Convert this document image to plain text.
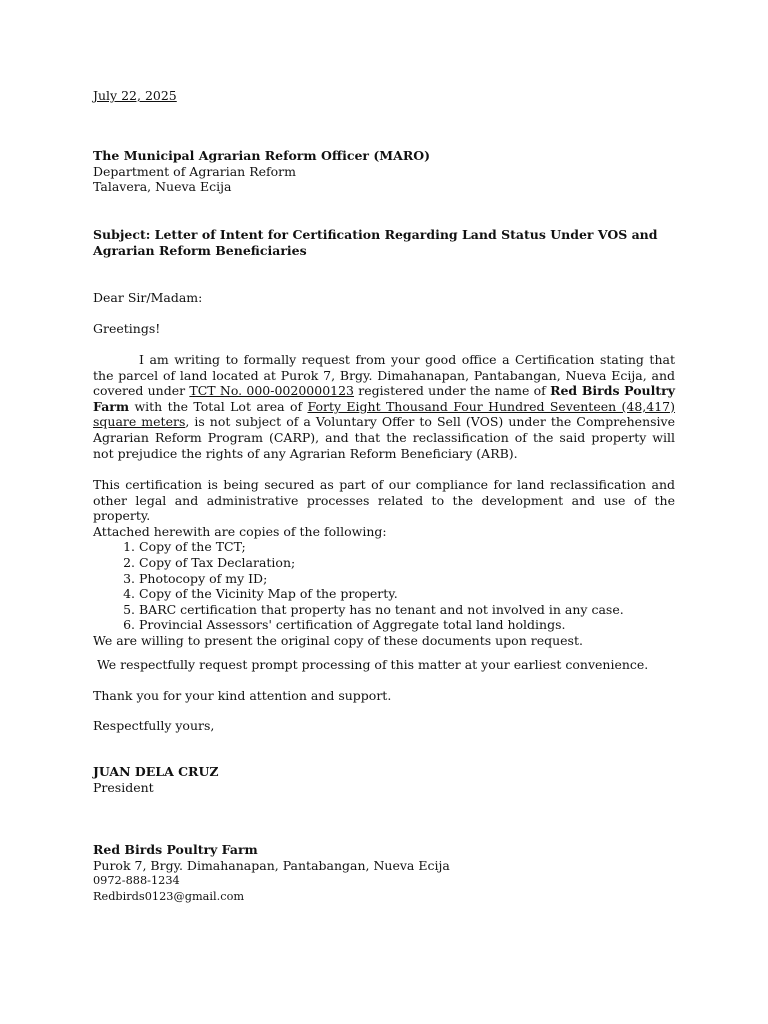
July 22, 2025
The Municipal Agrarian Reform Officer (MARO)
Department of Agrarian Reform
Talavera, Nueva Ecija
Subject: Letter of Intent for Certification Regarding Land Status Under VOS and Agrarian Reform Beneficiaries
Dear Sir/Madam:
Greetings!
I am writing to formally request from your good office a Certification stating that the parcel of land located at Purok 7, Brgy. Dimahanapan, Pantabangan, Nueva Ecija, and covered under TCT No. 000-0020000123 registered under the name of Red Birds Poultry Farm with the Total Lot area of Forty Eight Thousand Four Hundred Seventeen (48,417) square meters, is not subject of a Voluntary Offer to Sell (VOS) under the Comprehensive Agrarian Reform Program (CARP), and that the reclassification of the said property will not prejudice the rights of any Agrarian Reform Beneficiary (ARB).
This certification is being secured as part of our compliance for land reclassification and other legal and administrative processes related to the development and use of the property.
Attached herewith are copies of the following:
1. Copy of the TCT;
2. Copy of Tax Declaration;
3. Photocopy of my ID;
4. Copy of the Vicinity Map of the property.
5. BARC certification that property has no tenant and not involved in any case.
6. Provincial Assessors' certification of Aggregate total land holdings.
We are willing to present the original copy of these documents upon request.
We respectfully request prompt processing of this matter at your earliest convenience.
Thank you for your kind attention and support.
Respectfully yours,
JUAN DELA CRUZ
President
Red Birds Poultry Farm
Purok 7, Brgy. Dimahanapan, Pantabangan, Nueva Ecija
0972-888-1234
Redbirds0123@gmail.com
